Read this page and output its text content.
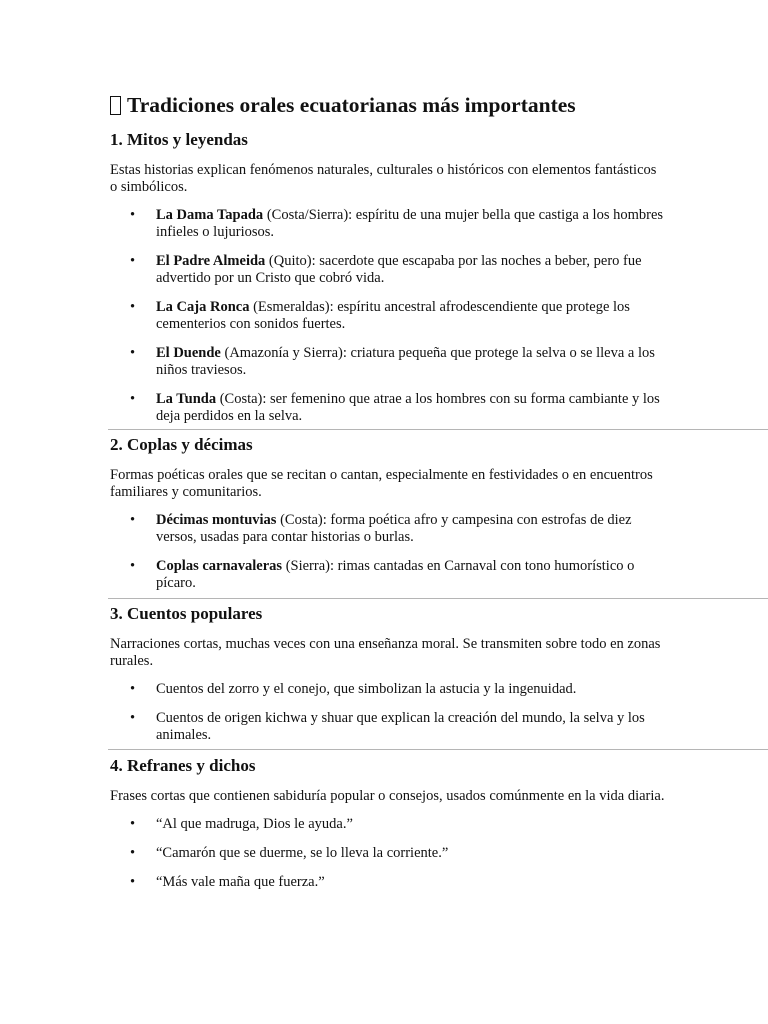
Tradiciones orales ecuatorianas más importantes
1. Mitos y leyendas

Estas historias explican fenómenos naturales, culturales o históricos con elementos fantásticos o simbólicos.

• La Dama Tapada (Costa/Sierra): espíritu de una mujer bella que castiga a los hombres infieles o lujuriosos.
• El Padre Almeida (Quito): sacerdote que escapaba por las noches a beber, pero fue advertido por un Cristo que cobró vida.
• La Caja Ronca (Esmeraldas): espíritu ancestral afrodescendiente que protege los cementerios con sonidos fuertes.
• El Duende (Amazonía y Sierra): criatura pequeña que protege la selva o se lleva a los niños traviesos.
• La Tunda (Costa): ser femenino que atrae a los hombres con su forma cambiante y los deja perdidos en la selva.
2. Coplas y décimas

Formas poéticas orales que se recitan o cantan, especialmente en festividades o en encuentros familiares y comunitarios.

• Décimas montuvias (Costa): forma poética afro y campesina con estrofas de diez versos, usadas para contar historias o burlas.
• Coplas carnavaleras (Sierra): rimas cantadas en Carnaval con tono humorístico o pícaro.
3. Cuentos populares

Narraciones cortas, muchas veces con una enseñanza moral. Se transmiten sobre todo en zonas rurales.

• Cuentos del zorro y el conejo, que simbolizan la astucia y la ingenuidad.
• Cuentos de origen kichwa y shuar que explican la creación del mundo, la selva y los animales.
4. Refranes y dichos

Frases cortas que contienen sabiduría popular o consejos, usados comúnmente en la vida diaria.

• “Al que madruga, Dios le ayuda.”
• “Camarón que se duerme, se lo lleva la corriente.”
• “Más vale maña que fuerza.”
